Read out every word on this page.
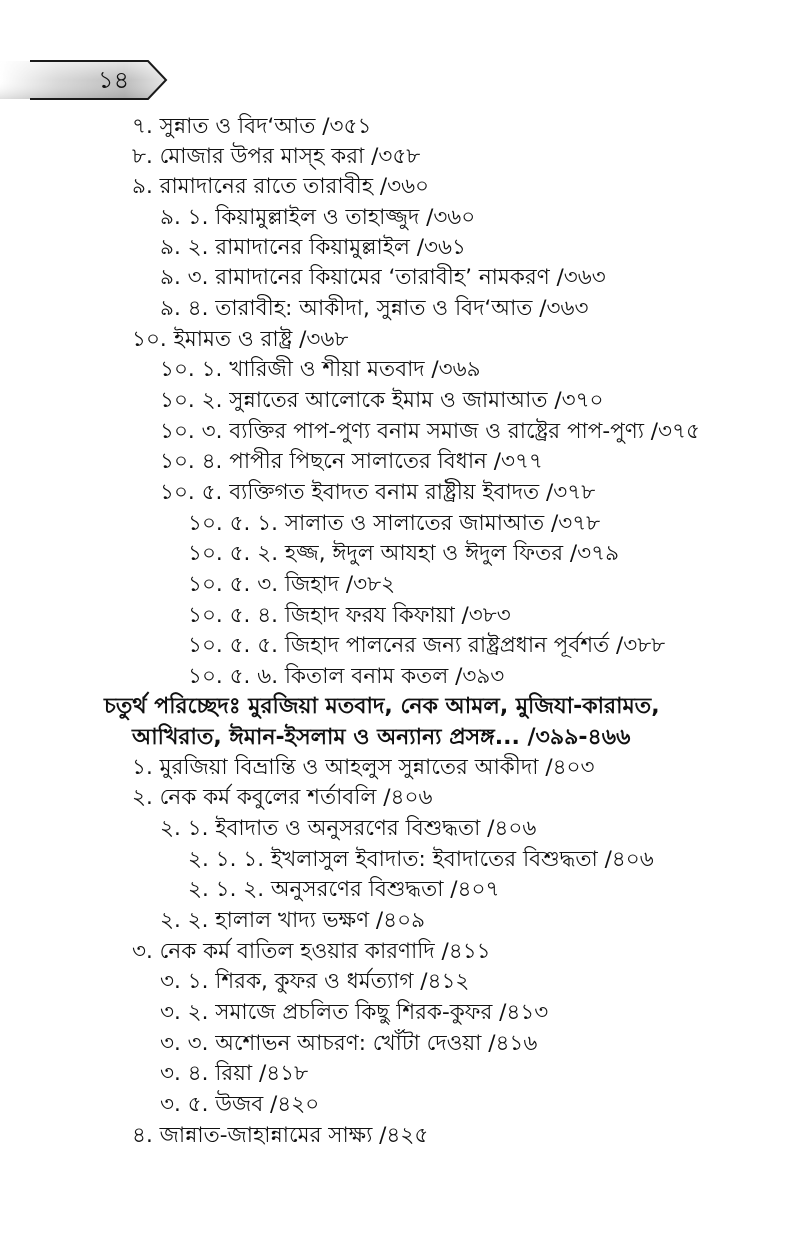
১৪
৭. সুন্নাত ও বিদ‘আত /৩৫১
৮. মোজার উপর মাস্‌হ করা /৩৫৮
৯. রামাদানের রাতে তারাবীহ /৩৬০
৯. ১. কিয়ামুল্লাইল ও তাহাজ্জুদ /৩৬০
৯. ২. রামাদানের কিয়ামুল্লাইল /৩৬১
৯. ৩. রামাদানের কিয়ামের ‘তারাবীহ’ নামকরণ /৩৬৩
৯. ৪. তারাবীহ: আকীদা, সুন্নাত ও বিদ‘আত /৩৬৩
১০. ইমামত ও রাষ্ট্র /৩৬৮
১০. ১. খারিজী ও শীয়া মতবাদ /৩৬৯
১০. ২. সুন্নাতের আলোকে ইমাম ও জামাআত /৩৭০
১০. ৩. ব্যক্তির পাপ-পুণ্য বনাম সমাজ ও রাষ্ট্রের পাপ-পুণ্য /৩৭৫
১০. ৪. পাপীর পিছনে সালাতের বিধান /৩৭৭
১০. ৫. ব্যক্তিগত ইবাদত বনাম রাষ্ট্রীয় ইবাদত /৩৭৮
১০. ৫. ১. সালাত ও সালাতের জামাআত /৩৭৮
১০. ৫. ২. হজ্জ, ঈদুল আযহা ও ঈদুল ফিতর /৩৭৯
১০. ৫. ৩. জিহাদ /৩৮২
১০. ৫. ৪. জিহাদ ফরয কিফায়া /৩৮৩
১০. ৫. ৫. জিহাদ পালনের জন্য রাষ্ট্রপ্রধান পূর্বশর্ত /৩৮৮
১০. ৫. ৬. কিতাল বনাম কতল /৩৯৩
চতুর্থ পরিচ্ছেদঃ মুরজিয়া মতবাদ, নেক আমল, মুজিযা-কারামত,
আখিরাত, ঈমান-ইসলাম ও অন্যান্য প্রসঙ্গ... /৩৯৯-৪৬৬
১. মুরজিয়া বিভ্রান্তি ও আহলুস সুন্নাতের আকীদা /৪০৩
২. নেক কর্ম কবুলের শর্তাবলি /৪০৬
২. ১. ইবাদাত ও অনুসরণের বিশুদ্ধতা /৪০৬
২. ১. ১. ইখলাসুল ইবাদাত: ইবাদাতের বিশুদ্ধতা /৪০৬
২. ১. ২. অনুসরণের বিশুদ্ধতা /৪০৭
২. ২. হালাল খাদ্য ভক্ষণ /৪০৯
৩. নেক কর্ম বাতিল হওয়ার কারণাদি /৪১১
৩. ১. শিরক, কুফর ও ধর্মত্যাগ /৪১২
৩. ২. সমাজে প্রচলিত কিছু শিরক-কুফর /৪১৩
৩. ৩. অশোভন আচরণ: খোঁটা দেওয়া /৪১৬
৩. ৪. রিয়া /৪১৮
৩. ৫. উজব /৪২০
৪. জান্নাত-জাহান্নামের সাক্ষ্য /৪২৫
